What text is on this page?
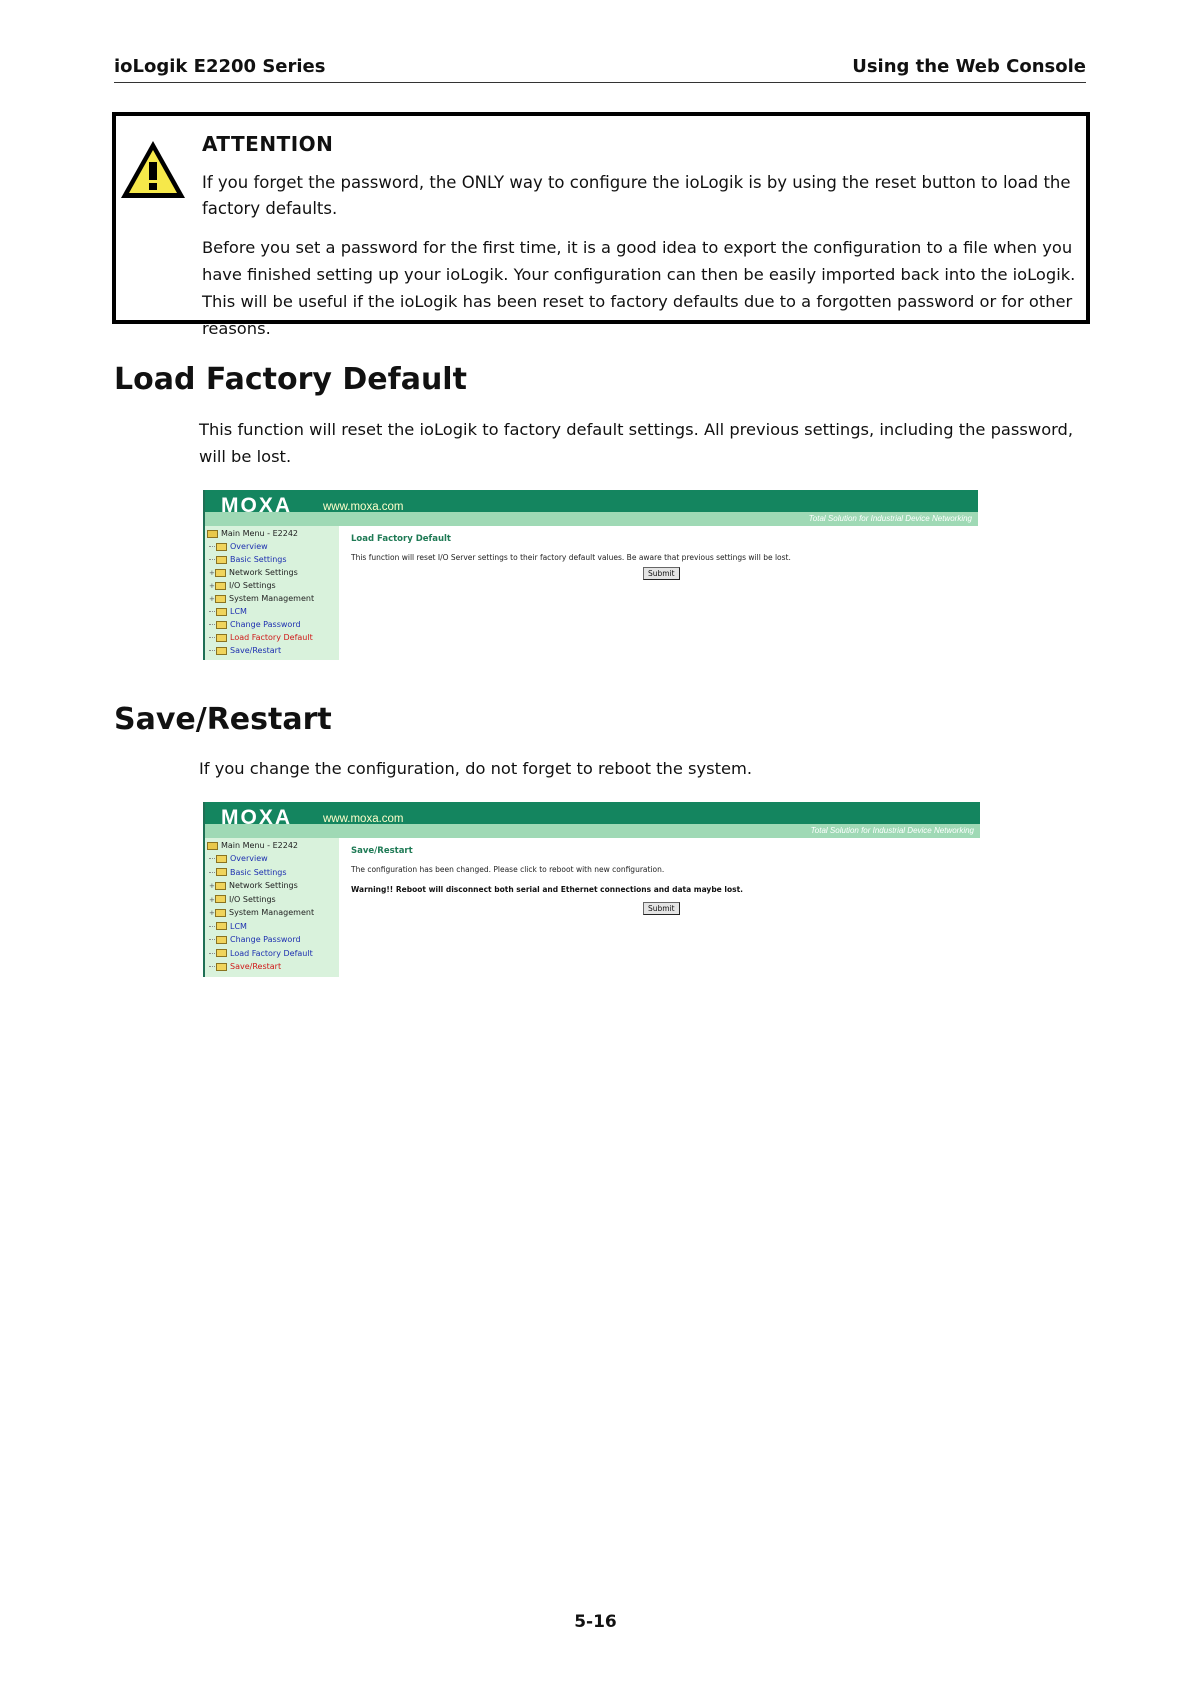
ioLogik E2200 Series	Using the Web Console
ATTENTION
If you forget the password, the ONLY way to configure the ioLogik is by using the reset button to load the factory defaults.
Before you set a password for the first time, it is a good idea to export the configuration to a file when you have finished setting up your ioLogik. Your configuration can then be easily imported back into the ioLogik. This will be useful if the ioLogik has been reset to factory defaults due to a forgotten password or for other reasons.
Load Factory Default
This function will reset the ioLogik to factory default settings. All previous settings, including the password, will be lost.
MOXA	www.moxa.com
Total Solution for Industrial Device Networking
Main Menu - E2242
Overview
Basic Settings
+ Network Settings
+ I/O Settings
+ System Management
LCM
Change Password
Load Factory Default
Save/Restart
Load Factory Default
This function will reset I/O Server settings to their factory default values. Be aware that previous settings will be lost.
Submit
Save/Restart
If you change the configuration, do not forget to reboot the system.
MOXA	www.moxa.com
Total Solution for Industrial Device Networking
Main Menu - E2242
Overview
Basic Settings
+ Network Settings
+ I/O Settings
+ System Management
LCM
Change Password
Load Factory Default
Save/Restart
Save/Restart
The configuration has been changed. Please click to reboot with new configuration.
Warning!! Reboot will disconnect both serial and Ethernet connections and data maybe lost.
Submit
5-16
